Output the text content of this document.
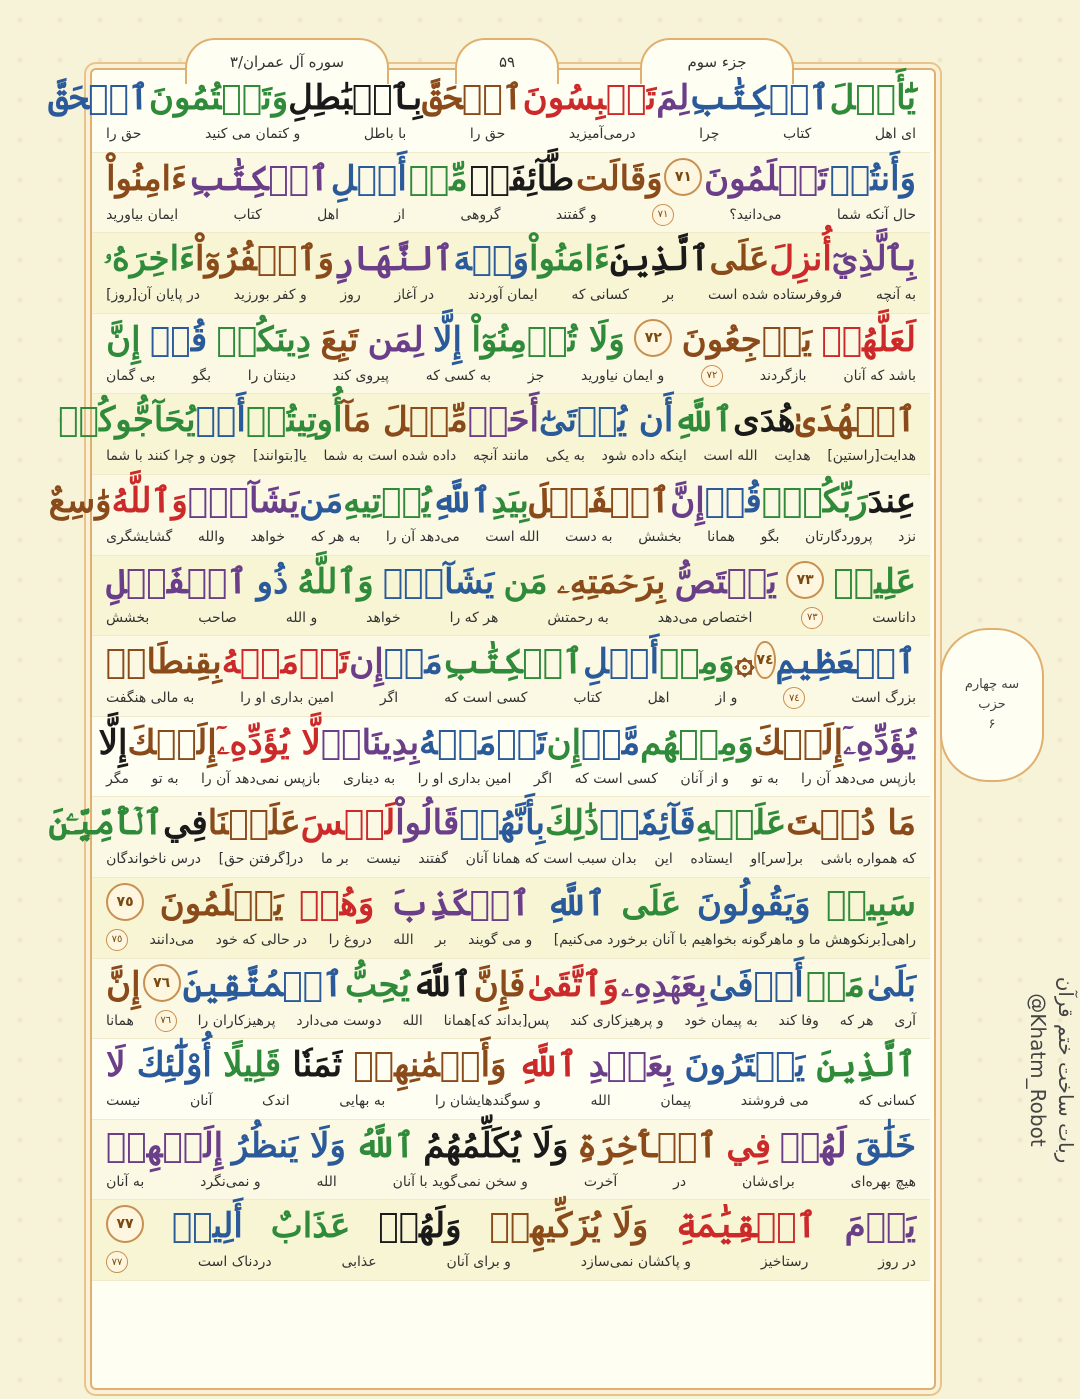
جزء سوم
۵۹
سوره آل عمران/۳
يَٰٓأَهۡلَ
ٱلۡكِتَٰبِ
لِمَ
تَلۡبِسُونَ
ٱلۡحَقَّ
بِٱلۡبَٰطِلِ
وَتَكۡتُمُونَ
ٱلۡحَقَّ
ای اهل
کتاب
چرا
درمی‌آمیزید
حق را
با باطل
و کتمان می کنید
حق را
وَأَنتُمۡ
تَعۡلَمُونَ
٧١
وَقَالَت
طَّآئِفَةٞ
مِّنۡ
أَهۡلِ
ٱلۡكِتَٰبِ
ءَامِنُواْ
حال آنکه شما
می‌دانید؟
٧١
و گفتند
گروهی
از
اهل
کتاب
ایمان بیاورید
بِٱلَّذِيٓ
أُنزِلَ
عَلَى
ٱلَّذِينَ
ءَامَنُواْ
وَجۡهَ
ٱلنَّهَارِ
وَٱكۡفُرُوٓاْ
ءَاخِرَهُۥ
به آنچه
فروفرستاده شده است
بر
کسانی که
ایمان آوردند
در آغاز
روز
و کفر بورزید
در پایان آن[روز]
لَعَلَّهُمۡ
يَرۡجِعُونَ
٧٢
وَلَا تُؤۡمِنُوٓاْ
إِلَّا
لِمَن
تَبِعَ
دِينَكُمۡ
قُلۡ
إِنَّ
باشد که آنان
بازگردند
٧٢
و ایمان نیاورید
جز
به کسی که
پیروی کند
دینتان را
بگو
بی گمان
ٱلۡهُدَىٰ
هُدَى
ٱللَّهِ
أَن يُؤۡتَىٰٓ
أَحَدٞ
مِّثۡلَ مَآ
أُوتِيتُمۡ
أَوۡ
يُحَآجُّوكُمۡ
هدایت[راستین]
هدایت
الله است
اینکه داده شود
به یکی
مانند آنچه
داده شده است به شما
یا[بتوانند]
چون و چرا کنند با شما
عِندَ
رَبِّكُمۡۗ
قُلۡ
إِنَّ
ٱلۡفَضۡلَ
بِيَدِ
ٱللَّهِ
يُؤۡتِيهِ
مَن
يَشَآءُۚ
وَٱللَّهُ
وَٰسِعٌ
نزد
پروردگارتان
بگو
همانا
بخشش
به دست
الله است
می‌دهد آن را
به هر که
خواهد
والله
گشایشگری
عَلِيمٞ
٧٣
يَخۡتَصُّ
بِرَحۡمَتِهِۦ
مَن
يَشَآءُۗ
وَٱللَّهُ
ذُو
ٱلۡفَضۡلِ
داناست
٧٣
اختصاص می‌دهد
به رحمتش
هر که را
خواهد
و الله
صاحب
بخشش
ٱلۡعَظِيمِ
٧٤
۞
وَمِنۡ
أَهۡلِ
ٱلۡكِتَٰبِ
مَنۡ
إِن
تَأۡمَنۡهُ
بِقِنطَارٖ
بزرگ است
٧٤
و از
اهل
کتاب
کسی است که
اگر
امین بداری او را
به مالی هنگفت
يُؤَدِّهِۦٓ
إِلَيۡكَ
وَمِنۡهُم
مَّنۡ
إِن
تَأۡمَنۡهُ
بِدِينَارٖ
لَّا يُؤَدِّهِۦٓ
إِلَيۡكَ
إِلَّا
بازپس می‌دهد آن را
به تو
و از آنان
کسی است که
اگر
امین بداری او را
به دیناری
بازپس نمی‌دهد آن را
به تو
مگر
مَا دُمۡتَ
عَلَيۡهِ
قَآئِمٗاۗ
ذَٰلِكَ
بِأَنَّهُمۡ
قَالُواْ
لَيۡسَ
عَلَيۡنَا
فِي
ٱلۡأُمِّيِّـۧنَ
که همواره باشی
بر[سر]او
ایستاده
این
بدان سبب است که همانا آنان
گفتند
نیست
بر ما
در[گرفتن حق]
درس ناخواندگان
سَبِيلٞ
وَيَقُولُونَ
عَلَى
ٱللَّهِ
ٱلۡكَذِبَ
وَهُمۡ
يَعۡلَمُونَ
٧٥
راهی[برنکوهش ما و ماهرگونه بخواهیم با آنان برخورد می‌کنیم]
و می گویند
بر
الله
دروغ را
در حالی که خود
می‌دانند
٧٥
بَلَىٰ
مَنۡ
أَوۡفَىٰ
بِعَهۡدِهِۦ
وَٱتَّقَىٰ
فَإِنَّ
ٱللَّهَ
يُحِبُّ
ٱلۡمُتَّقِينَ
٧٦
إِنَّ
آری
هر که
وفا کند
به پیمان خود
و پرهیزکاری کند
پس[بداند که]همانا
الله
دوست می‌دارد
پرهیزکاران را
٧٦
همانا
ٱلَّذِينَ
يَشۡتَرُونَ
بِعَهۡدِ
ٱللَّهِ
وَأَيۡمَٰنِهِمۡ
ثَمَنٗا
قَلِيلًا
أُوْلَٰٓئِكَ
لَا
کسانی که
می فروشند
پیمان
الله
و سوگندهایشان را
به بهایی
اندک
آنان
نیست
خَلَٰقَ
لَهُمۡ
فِي
ٱلۡأٓخِرَةِ
وَلَا يُكَلِّمُهُمُ
ٱللَّهُ
وَلَا يَنظُرُ
إِلَيۡهِمۡ
هیچ بهره‌ای
برای‌شان
در
آخرت
و سخن نمی‌گوید با آنان
الله
و نمی‌نگرد
به آنان
يَوۡمَ
ٱلۡقِيَٰمَةِ
وَلَا يُزَكِّيهِمۡ
وَلَهُمۡ
عَذَابٌ
أَلِيمٞ
٧٧
در روز
رستاخیز
و پاکشان نمی‌سازد
و برای آنان
عذابی
دردناک است
٧٧
سه چهارم
حزب
۶
ربات ساخت ختم قرآن
@Khatm_Robot
